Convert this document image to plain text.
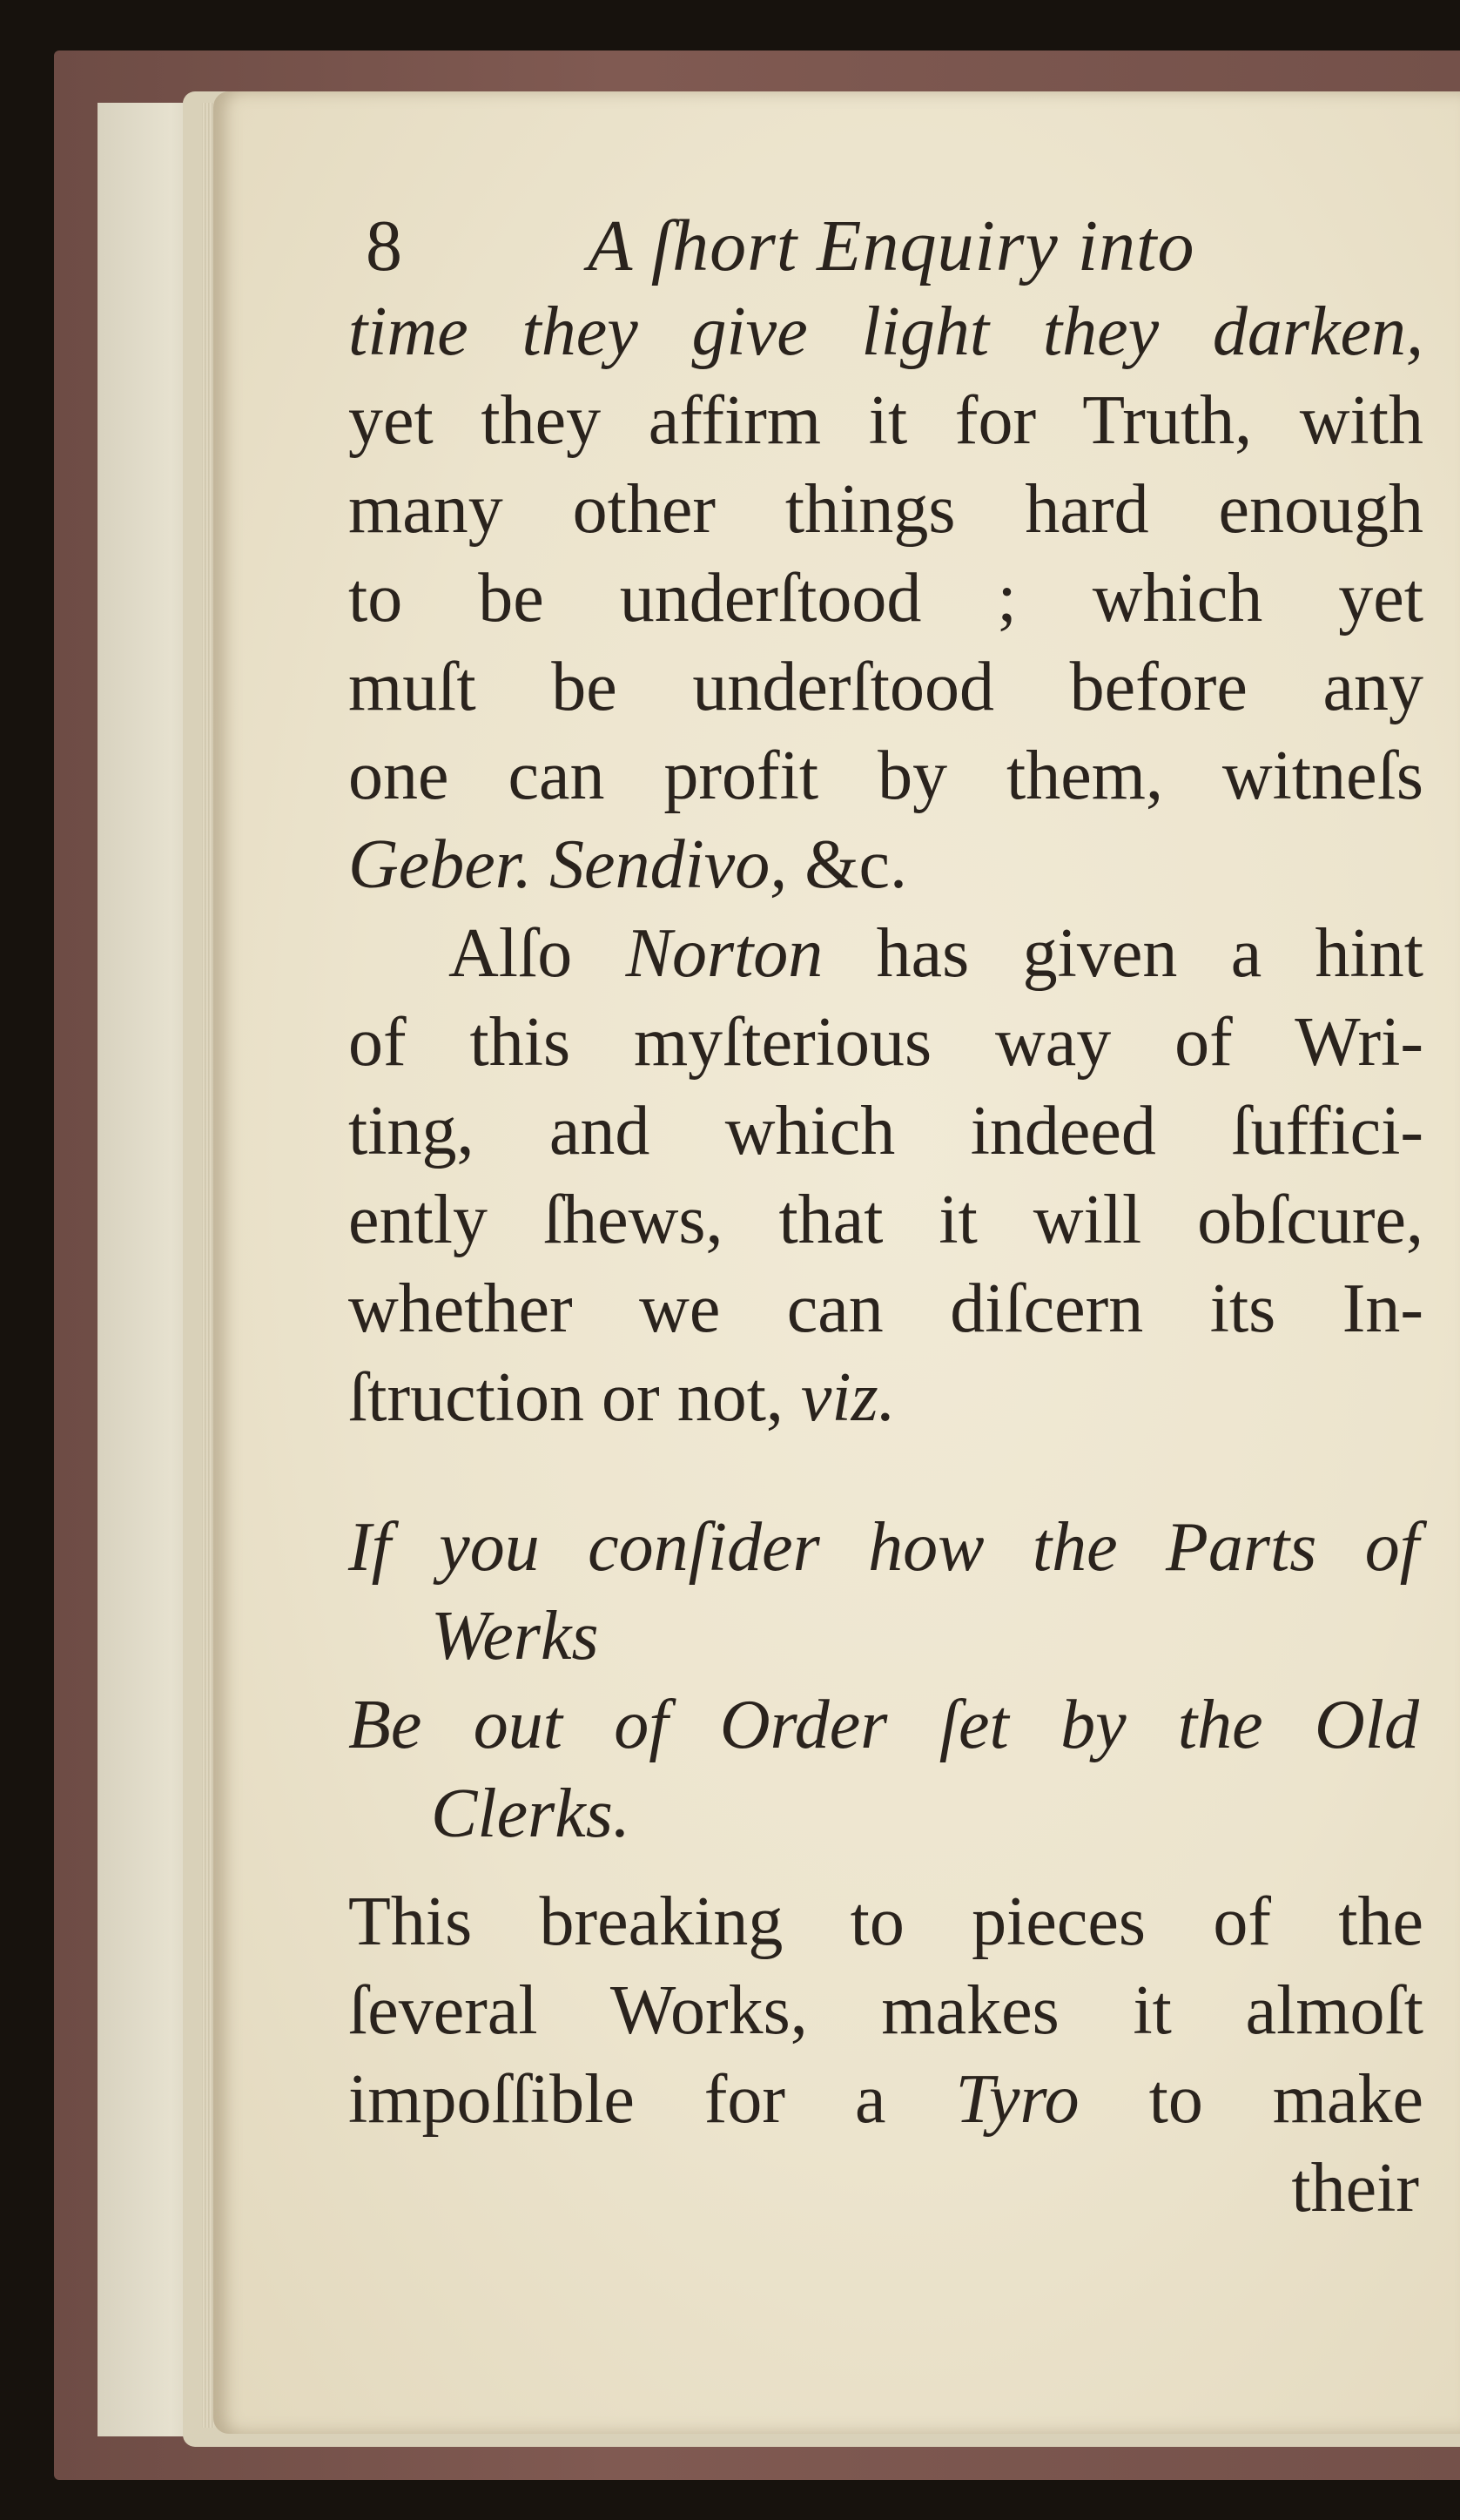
8	A ſhort Enquiry into
time they give light they darken,
yet they affirm it for Truth, with
many other things hard enough
to be underſtood ; which yet
muſt be underſtood before any
one can profit by them, witneſs
Geber. Sendivo, &c.
Alſo Norton has given a hint
of this myſterious way of Wri-
ting, and which indeed ſuffici-
ently ſhews, that it will obſcure,
whether we can diſcern its In-
ſtruction or not, viz.
If you conſider how the Parts of
Werks
Be out of Order ſet by the Old
Clerks.
This breaking to pieces of the
ſeveral Works, makes it almoſt
impoſſible for a Tyro to make
their
